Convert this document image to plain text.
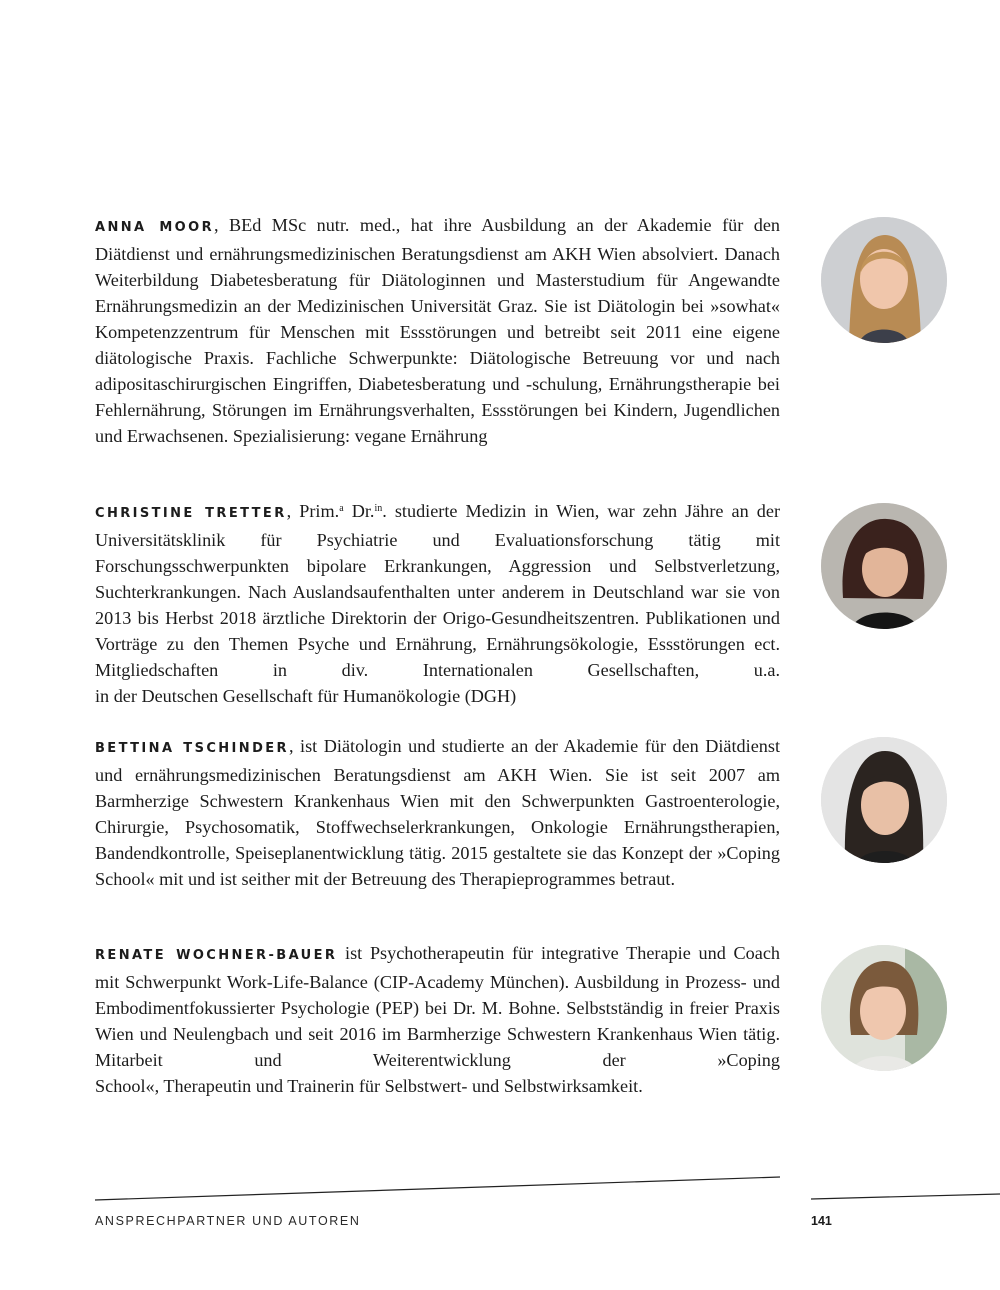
ANNA MOOR, BEd MSc nutr. med., hat ihre Ausbildung an der Akademie für den Diätdienst und ernährungsmedizinischen Beratungsdienst am AKH Wien absolviert. Danach Weiterbildung Diabetesberatung für Diätologinnen und Masterstudium für Angewandte Ernährungsmedizin an der Medizinischen Universität Graz. Sie ist Diätologin bei »sowhat« Kompetenzzentrum für Menschen mit Essstörungen und betreibt seit 2011 eine eigene diätologische Praxis. Fachliche Schwerpunkte: Diätologische Betreuung vor und nach adipositaschirurgischen Eingriffen, Diabetesberatung und -schulung, Ernährungstherapie bei Fehlernährung, Störungen im Ernährungsverhalten, Essstörungen bei Kindern, Jugendlichen und Erwachsenen. Spezialisierung: vegane Ernährung
CHRISTINE TRETTER, Prim.$^a$ Dr.$^{in}$. studierte Medizin in Wien, war zehn Jähre an der Universitätsklinik für Psychiatrie und Evaluationsforschung tätig mit Forschungsschwerpunkten bipolare Erkrankungen, Aggression und Selbstverletzung, Suchterkrankungen. Nach Auslandsaufenthalten unter anderem in Deutschland war sie von 2013 bis Herbst 2018 ärztliche Direktorin der Origo-Gesundheitszentren. Publikationen und Vorträge zu den Themen Psyche und Ernährung, Ernährungsökologie, Essstörungen ect. Mitgliedschaften in div. Internationalen Gesellschaften, u.a. in der Deutschen Gesellschaft für Humanökologie (DGH)
BETTINA TSCHINDER, ist Diätologin und studierte an der Akademie für den Diätdienst und ernährungsmedizinischen Beratungsdienst am AKH Wien. Sie ist seit 2007 am Barmherzige Schwestern Krankenhaus Wien mit den Schwerpunkten Gastroenterologie, Chirurgie, Psychosomatik, Stoffwechselerkrankungen, Onkologie Ernährungstherapien, Bandendkontrolle, Speiseplanentwicklung tätig. 2015 gestaltete sie das Konzept der »Coping School« mit und ist seither mit der Betreuung des Therapieprogrammes betraut.
RENATE WOCHNER-BAUER ist Psychotherapeutin für integrative Therapie und Coach mit Schwerpunkt Work-Life-Balance (CIP-Academy München). Ausbildung in Prozess- und Embodimentfokussierter Psychologie (PEP) bei Dr. M. Bohne. Selbstständig in freier Praxis Wien und Neulengbach und seit 2016 im Barmherzige Schwestern Krankenhaus Wien tätig. Mitarbeit und Weiterentwicklung der »Coping School«, Therapeutin und Trainerin für Selbstwert- und Selbstwirksamkeit.
ANSPRECHPARTNER UND AUTOREN	141
